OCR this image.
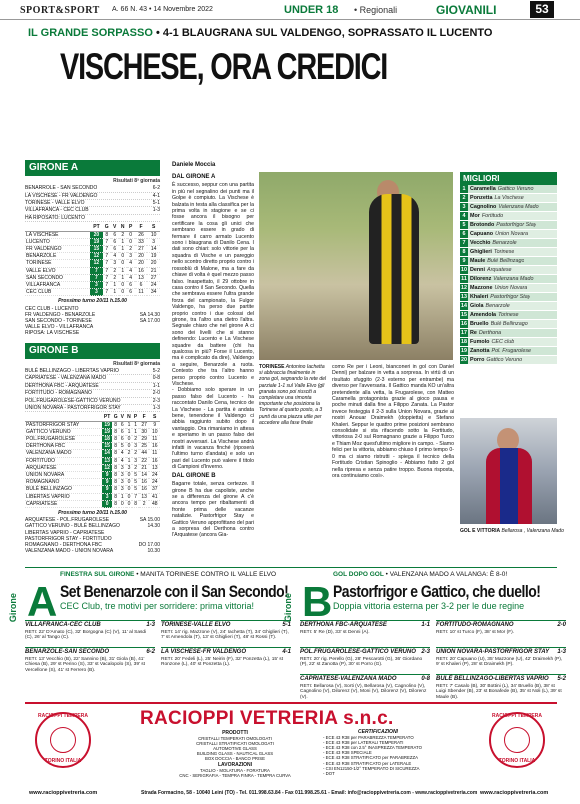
SPORT&SPORT A. 66 N. 43 • 14 Novembre 2022	UNDER 18 • Regionali	GIOVANILI	53
IL GRANDE SORPASSO • 4-1 BLAUGRANA SUL VALDENGO, SOPRASSATO IL LUCENTO
VISCHESE, ORA CREDICI
GIRONE A
Risultati 8ª giornata
BENARROLE - SAN SECONDO	6-2
LA VISCHESE - FR VALDENGO	4-1
TORINESE - VALLE ELVO	5-1
VILLAFRANCA - CEC CLUB	1-3
HA RIPOSATO: LUCENTO
	PT	G	V	N	P	F	S
LA VISCHESE	20	8	6	2	0	26	10
LUCENTO	19	7	6	1	0	33	3
FR VALDENGO	15	7	6	1	2	27	14
BENARZOLE	12	7	4	0	3	20	19
TORINESE	12	7	3	0	4	20	20
VALLE ELVO	7	7	2	1	4	16	21
SAN SECONDO	7	7	2	1	4	13	27
VILLAFRANCA	3	7	1	0	6	6	24
CEC CLUB	3	7	1	0	6	11	34
Prossimo turno 20/11 h.15.00
CEC CLUB - LUCENTO
FR VALDENGO - BENARZOLE	SA 14.30
SAN SECONDO - TORINESE	SA 17.00
VALLE ELVO - VILLAFRANCA
RIPOSA: LA VISCHESE
GIRONE B
Risultati 8ª giornata
BULÉ BELLINZAGO - LIBERTAS VAPRIO	5-2
CAPRIATESE - VALENZANA MADO	0-8
DERTHONA FBC - ARQUATESE	1-1
FORTITUDO - ROMAGNANO	2-0
POL.FRUGAROLESE-GATTICO VERUNO	2-3
UNION NOVARA - PASTORFRIGOR STAY	1-3
	PT	G	V	N	P	F	S
PASTORFRIGOR STAY	19	8	6	1	1	27	9
GATTICO VERUNO	19	8	6	1	1	30	10
POL.FRUGAROLESE	18	8	6	0	2	29	11
DERTHONA FBC	15	8	5	0	3	25	16
VALENZANA MADO	14	8	4	2	2	44	11
FORTITUDO	13	8	4	1	3	22	16
ARQUATESE	12	8	3	3	2	21	13
UNION NOVARA	9	8	3	0	5	14	24
ROMAGNANO	9	8	3	0	5	16	24
BULÉ BELLINZAGO	9	8	3	0	5	16	37
LIBERTAS VAPRIO	3	8	1	0	7	13	41
CAPRIATESE	0	8	0	0	8	2	48
Prossimo turno 20/11 h.15.00
ARQUATESE - POL.FRUGAROLESE	SA 15.00
GATTICO VERUNO - BULÉ BELLINZAGO	14.30
LIBERTAS VAPRIO - CAPRIATESE
PASTORFRIGOR STAY - FORTITUDO
ROMAGNANO - DERTHONA FBC	DO 17.00
VALENZANA MADO - UNION NOVARA	10.30
Daniele Moccia
DAL GIRONE A

È successo, seppur con una partita in più nel segnalino dei punti ma il Golpe è compiuto. La Vischese è balzata in testa alla classifica per la prima volta in stagione e se ci fosse ancora il bisogno per certificare la cosa gli unici che sembrano essere in grado di fermare il carro armato Lucento sono i blaugrana di Danilo Cena. I dati sono chiari: solo vittorie per la squadra di Vische e un pareggio nello scontro diretto proprio contro i rossoblù di Malone, ma a fare da chiave di volta è quel mezzo passo falso. Inaspettato, il 29 ottobre in casa contro il San Secondo. Quella che sembrava essere l'ultra grande forza del campionato, la Fulgor Valdengo, ha perso due partite proprio contro i due colossi del girone, tra l'altro una dietro l'altra. Segnale chiaro che nel girone A ci sono dei livelli che si stanno definendo: Lucento e La Vischese squadre da battere (chi ha qualcosa in più? Forse il Lucento, ma è complicato da dire), Valdengo a seguire, Benarzole a ruota. Contesto che tra l'altro hanno perso proprio contro Lucento e Vischese.

- Dobbiamo solo sperare in un passo falso del Lucento - ha raccontato Danilo Cena, tecnico de La Vischese - La partita è andata bene, tenendone il Valdengo ci abbia raggiunto subito dopo il vantaggio. Ora rimaniamo in attesa e speriamo in un passo falso dei nostri avversari. La Vischese andrà infatti in vacanza finché (riposerà l'ultimo turno d'andata) e solo un pari del Lucento può valere il titolo di Campioni d'Inverno.

DAL GIRONE B

Bagarre totale, senza certezze. Il girone B ha due capoliste, anche se a differenza del girone A c'è ancora tempo per ribaltamenti di fronte prima delle vacanze natalizie. Pastorfrigor Stay e Gattico Veruno approfittano del pari a sorpresa del Derthona contro l'Arquatese (ancora Gia-

TORINESE Antonino Iachetta si abbraccia finalmente in zona gol, segnando la rete del parziale 1-1 sul Valle Elvo (gli granata sono poi riusciti a completare una rimonta importante che posiziona la Torinese al quarto posto, a 3 punti da una piazza utile per accedere alla fase finale

como Re per i Leoni, bianconeri in gol con Daniel Denni) per balzare in vetta a sorpresa. In virtù di un risultato sfuggito (2-3 esterno per entrambe) ma diverso per l'avversaria. Il Gattico manda KO un'altra pretendente alla vetta, la Frugarolese, con Matteo Caramella protagonista grazie al gioco pausa e poche minuti dalla fine a Filippo Zanata. La Pastor invece festeggia il 2-3 sulla Union Novara, grazie ai nostri Anouar Draimekh (doppietta) e Stefano Khaleri. Seppur le quattro prime posizioni sembrano consolidate si sta rifacendo sotto la Fortitudo, vittoriosa 2-0 sul Romagnano grazie a Filippo Turco e Thiam Moz quest'ultimo migliore in campo. - Siamo felici per la vittoria, abbiamo chiuso il primo tempo 0-0 ma ci siamo ristrutti - spiega il tecnico della Fortitudo Cristian Spinoglio - Abbiamo fatto 2 gol nella ripresa e senza patire troppo. Buona risposta, ora continuiamo così».

MIGLIORI
1 Caramella Gattico Veruno
2 Ponzetta La Vischese
3 Cagnolino Valenzana Mado
4 Mor Fortitudo
5 Brotondo Pastorfrigor Stay
6 Capuano Union Novara
7 Vecchio Benarzole
8 Ghiglieri Torinese
9 Maule Bulé Bellinzago
10 Denni Arquatese
11 Dilorenz Valenzana Mado
12 Mazzone Union Novara
13 Khaleri Pastorfrigor Stay
14 Giola Benarzole
15 Amendola Torinese
16 Bruello Bulé Bellinzago
17 Re Derthona
18 Fumolo CEC club
19 Zanotta Pol. Frugarolese
20 Porro Gattico Veruno
GOL E VITTORIA Bellarosa , Valenzana Mado
Girone A
FINESTRA SUL GIRONE • MANITA TORINESE CONTRO IL VALLE ELVO
Set Benenarzole con il San Secondo!
CEC Club, tre motivi per sorridere: prima vittoria!
VILLAFRANCA-CEC CLUB	1-3
RETI: 22' D'Amato (C), 32' Borgogna (C) (V), 11' al Sasdi (C), 26' al Tango (C).
TORINESE-VALLE ELVO	5-1
RETI: 14' rig. Mazzone (V), 24' Iachetta (T), 34' Ghiglieri (T), 7' st Amendola (T), 13' st Ghiglieri (T), 48' st Rossi (T).
BENARZOLE-SAN SECONDO	6-2
RETI: 13' Vecchio (B), 22' Sannino (B), 31' Giola (B), 41' Chiesa (B), 29' st Perino (S), 33' st Vacalopolo (S), 39' st Vercellone (S), 41' st Ferrero (B).
LA VISCHESE-FR VALDENGO	4-1
RETI: 20' Fedeli (L), 25' Neirin (F), 32' Ponzetta (L), 15' st Ronzone (L), 40' st Ponzetta (L).
Girone B
GOL DOPO GOL • VALENZANA MADO A VALANGA: È 8-0!
Pastorfrigor e Gattico, che duello!
Doppia vittoria esterna per 3-2 per le due regine
DERTHONA FBC-ARQUATESE	1-1
RETI: 5' Re (D), 33' st Denni (A).
FORTITUDO-ROMAGNANO	2-0
RETI: 10' st Turco (F), 38' st Mor (F).
POL.FRUGAROLESE-GATTICO VERUNO 2-3
RETI: 20' rig. Perello (G), 28' Pescarotti (G), 36' Giordano (P), 22' st Zanotta (P), 30' st Porro (G).
UNION NOVARA-PASTORFRIGOR STAY 1-3
RETI: 20' Capuano (U), 35' Mazzone (U), 42' Draimekh (P), 9' st Khaleri (P), 28' st Draimekh (P).
CAPRIATESE-VALENZANA MADO	0-8
RETI: Bellarosa (V), Sorti (V), Bellarosa (V), Cagnolino (V), Cagnolino (V), Dilorenz (V), Moni (V), Dilorenz (V), Dilorenz (V).
BULÉ BELLINZAGO-LIBERTAS VAPRIO 5-2
RETI: 7' Casalo (B), 30' Bottini (L), 34' Bruello (B), 38' st Luigi Sbender (B), 23' st Bonafede (B), 35' st Noli (L), 39' st Maule (B).
RACIOPPI TEMPERA
TORINO ITALIA
RACIOPPI TEMPERA
TORINO ITALIA
RACIOPPI VETRERIA s.n.c.
PRODOTTI
CRISTALLI TEMPERATI OMOLOGATI
CRISTALLI STRATIFICATI OMOLOGATI
AUTOMOTIVE GLASS
BUILDING GLASS - NAUTICAL GLASS
BOX DOCCIA - BANCO PRISE
LAVORAZIONI
TAGLIO - MOLATURA - FORATURA
CNC - SERIGRAFIA - TEMPRA FINRA - TEMPRA CURVA
CERTIFICAZIONI
- ECE 43 R38 per PARABREZZA TEMPERATO
- ECE 43 R38 per LATERALI TEMPERATI
- ECE 43 R38 con 2.5° INASPREZZA TEMPERATO
- ECE 43 R38 SPECIALE
- ECE 43 R38 STRATIFICATO per PARABREZZA
- ECE 43 R38 STRATIFICATO per LATERALE
- CSI EN12150-1/2° TEMPERATO DI SICUREZZA
- DOT
www.racioppivetreria.com	Strada Formacino, 58 - 10040 Leini (TO) - Tel. 011.998.63.84 - Fax 011.998.25.61 - Email: info@racioppivetreria.com - www.racioppivetreria.com www.racioppivetreria.com
